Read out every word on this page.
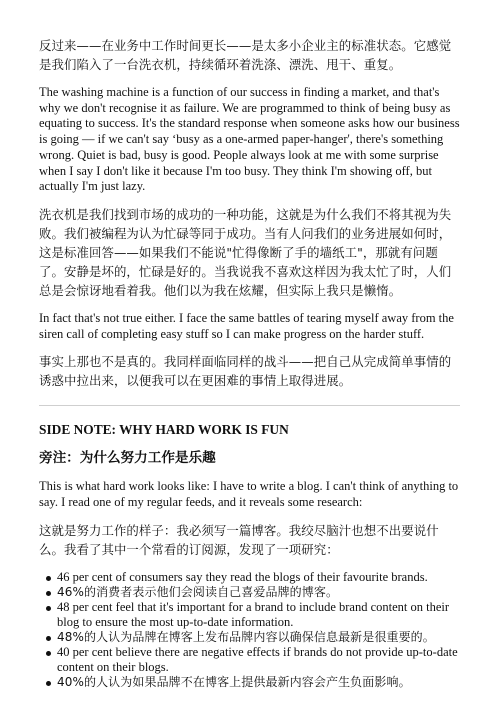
反过来——在业务中工作时间更长——是太多小企业主的标准状态。它感觉是我们陷入了一台洗衣机，持续循环着洗涤、漂洗、甩干、重复。

The washing machine is a function of our success in finding a market, and that's why we don't recognise it as failure. We are programmed to think of being busy as equating to success. It's the standard response when someone asks how our business is going — if we can't say ‘busy as a one-armed paper-hanger', there's something wrong. Quiet is bad, busy is good. People always look at me with some surprise when I say I don't like it because I'm too busy. They think I'm showing off, but actually I'm just lazy.

洗衣机是我们找到市场的成功的一种功能，这就是为什么我们不将其视为失败。我们被编程为认为忙碌等同于成功。当有人问我们的业务进展如何时，这是标准回答——如果我们不能说"忙得像断了手的墙纸工"，那就有问题了。安静是坏的，忙碌是好的。当我说我不喜欢这样因为我太忙了时，人们总是会惊讶地看着我。他们以为我在炫耀，但实际上我只是懒惰。

In fact that's not true either. I face the same battles of tearing myself away from the siren call of completing easy stuff so I can make progress on the harder stuff.

事实上那也不是真的。我同样面临同样的战斗——把自己从完成简单事情的诱惑中拉出来，以便我可以在更困难的事情上取得进展。

SIDE NOTE: WHY HARD WORK IS FUN
旁注：为什么努力工作是乐趣

This is what hard work looks like: I have to write a blog. I can't think of anything to say. I read one of my regular feeds, and it reveals some research:

这就是努力工作的样子：我必须写一篇博客。我绞尽脑汁也想不出要说什么。我看了其中一个常看的订阅源，发现了一项研究：

46 per cent of consumers say they read the blogs of their favourite brands.
46%的消费者表示他们会阅读自己喜爱品牌的博客。
48 per cent feel that it's important for a brand to include brand content on their blog to ensure the most up-to-date information.
48%的人认为品牌在博客上发布品牌内容以确保信息最新是很重要的。
40 per cent believe there are negative effects if brands do not provide up-to-date content on their blogs.
40%的人认为如果品牌不在博客上提供最新内容会产生负面影响。
